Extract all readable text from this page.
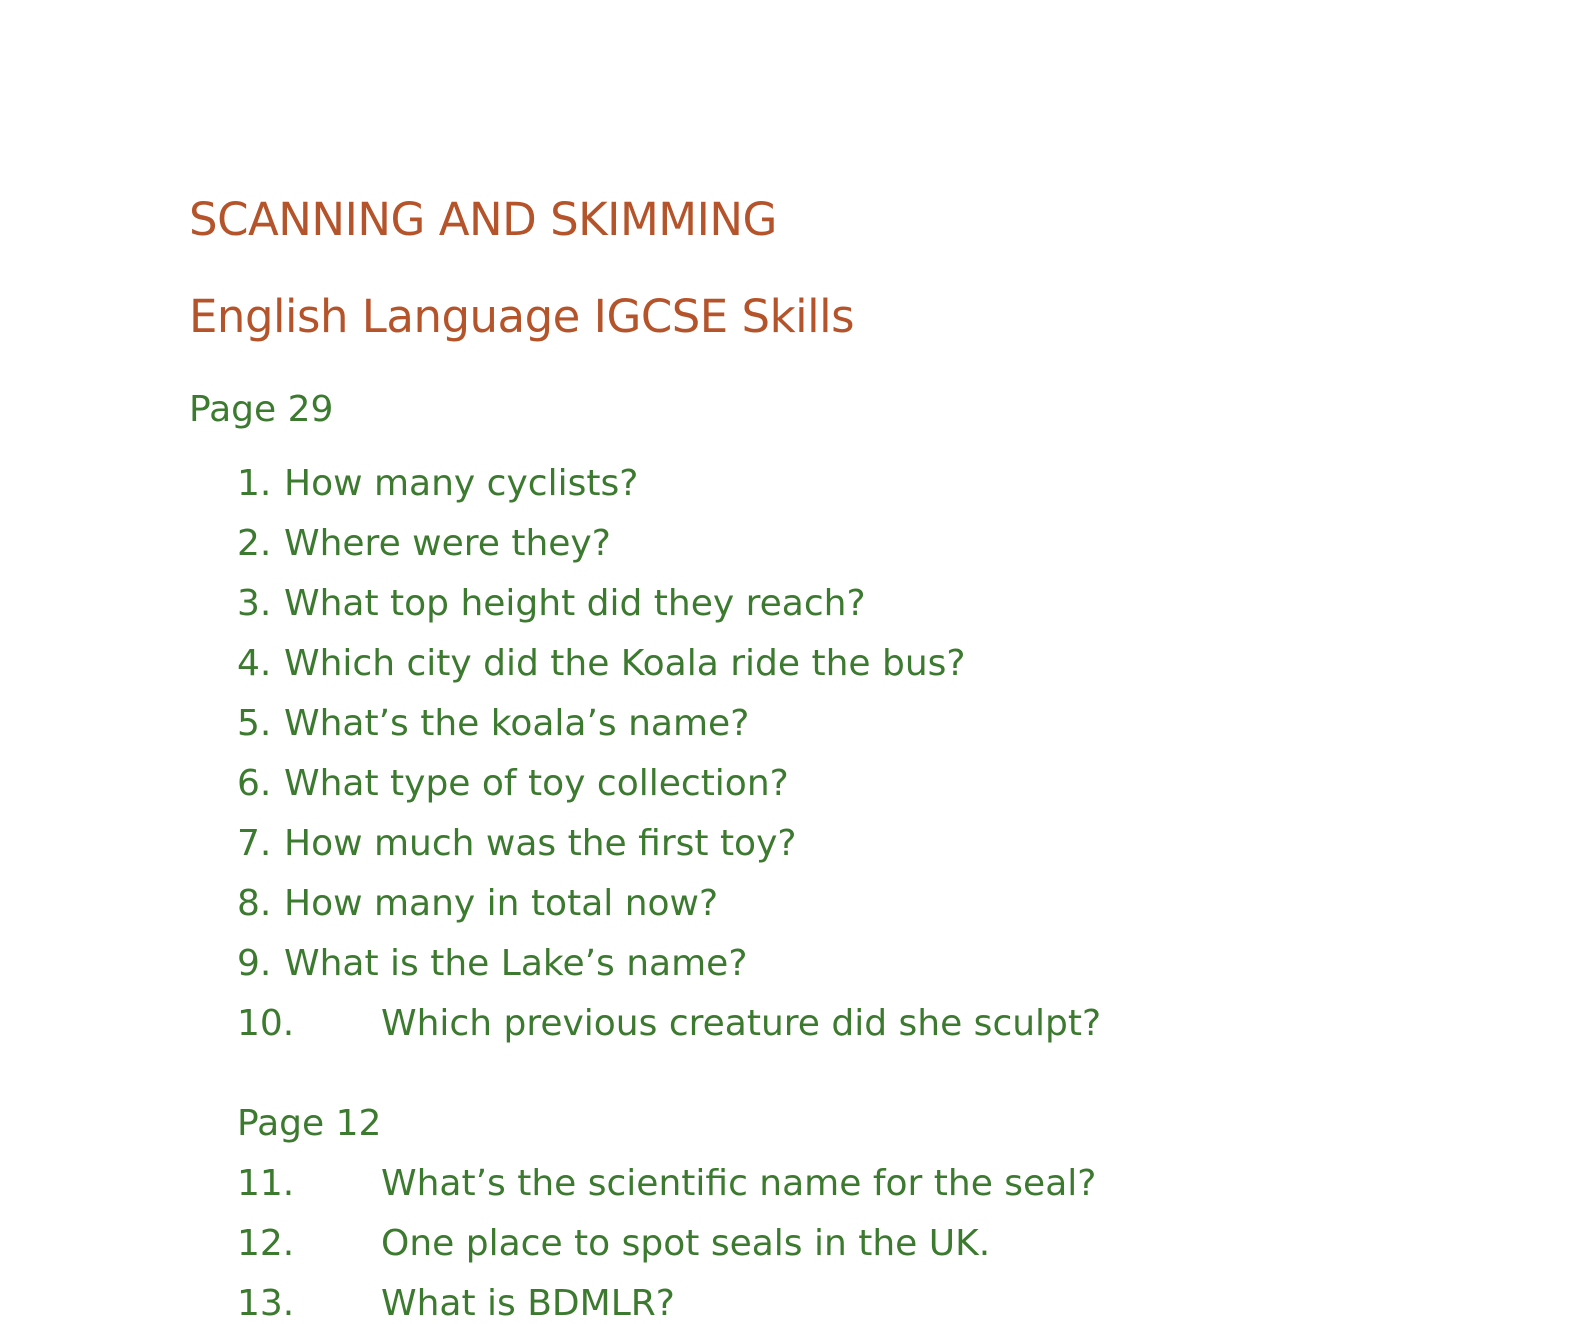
SCANNING AND SKIMMING
English Language IGCSE Skills
Page 29
1. How many cyclists?
2. Where were they?
3. What top height did they reach?
4. Which city did the Koala ride the bus?
5. What’s the koala’s name?
6. What type of toy collection?
7. How much was the first toy?
8. How many in total now?
9. What is the Lake’s name?
10. Which previous creature did she sculpt?
Page 12
11. What’s the scientific name for the seal?
12. One place to spot seals in the UK.
13. What is BDMLR?
